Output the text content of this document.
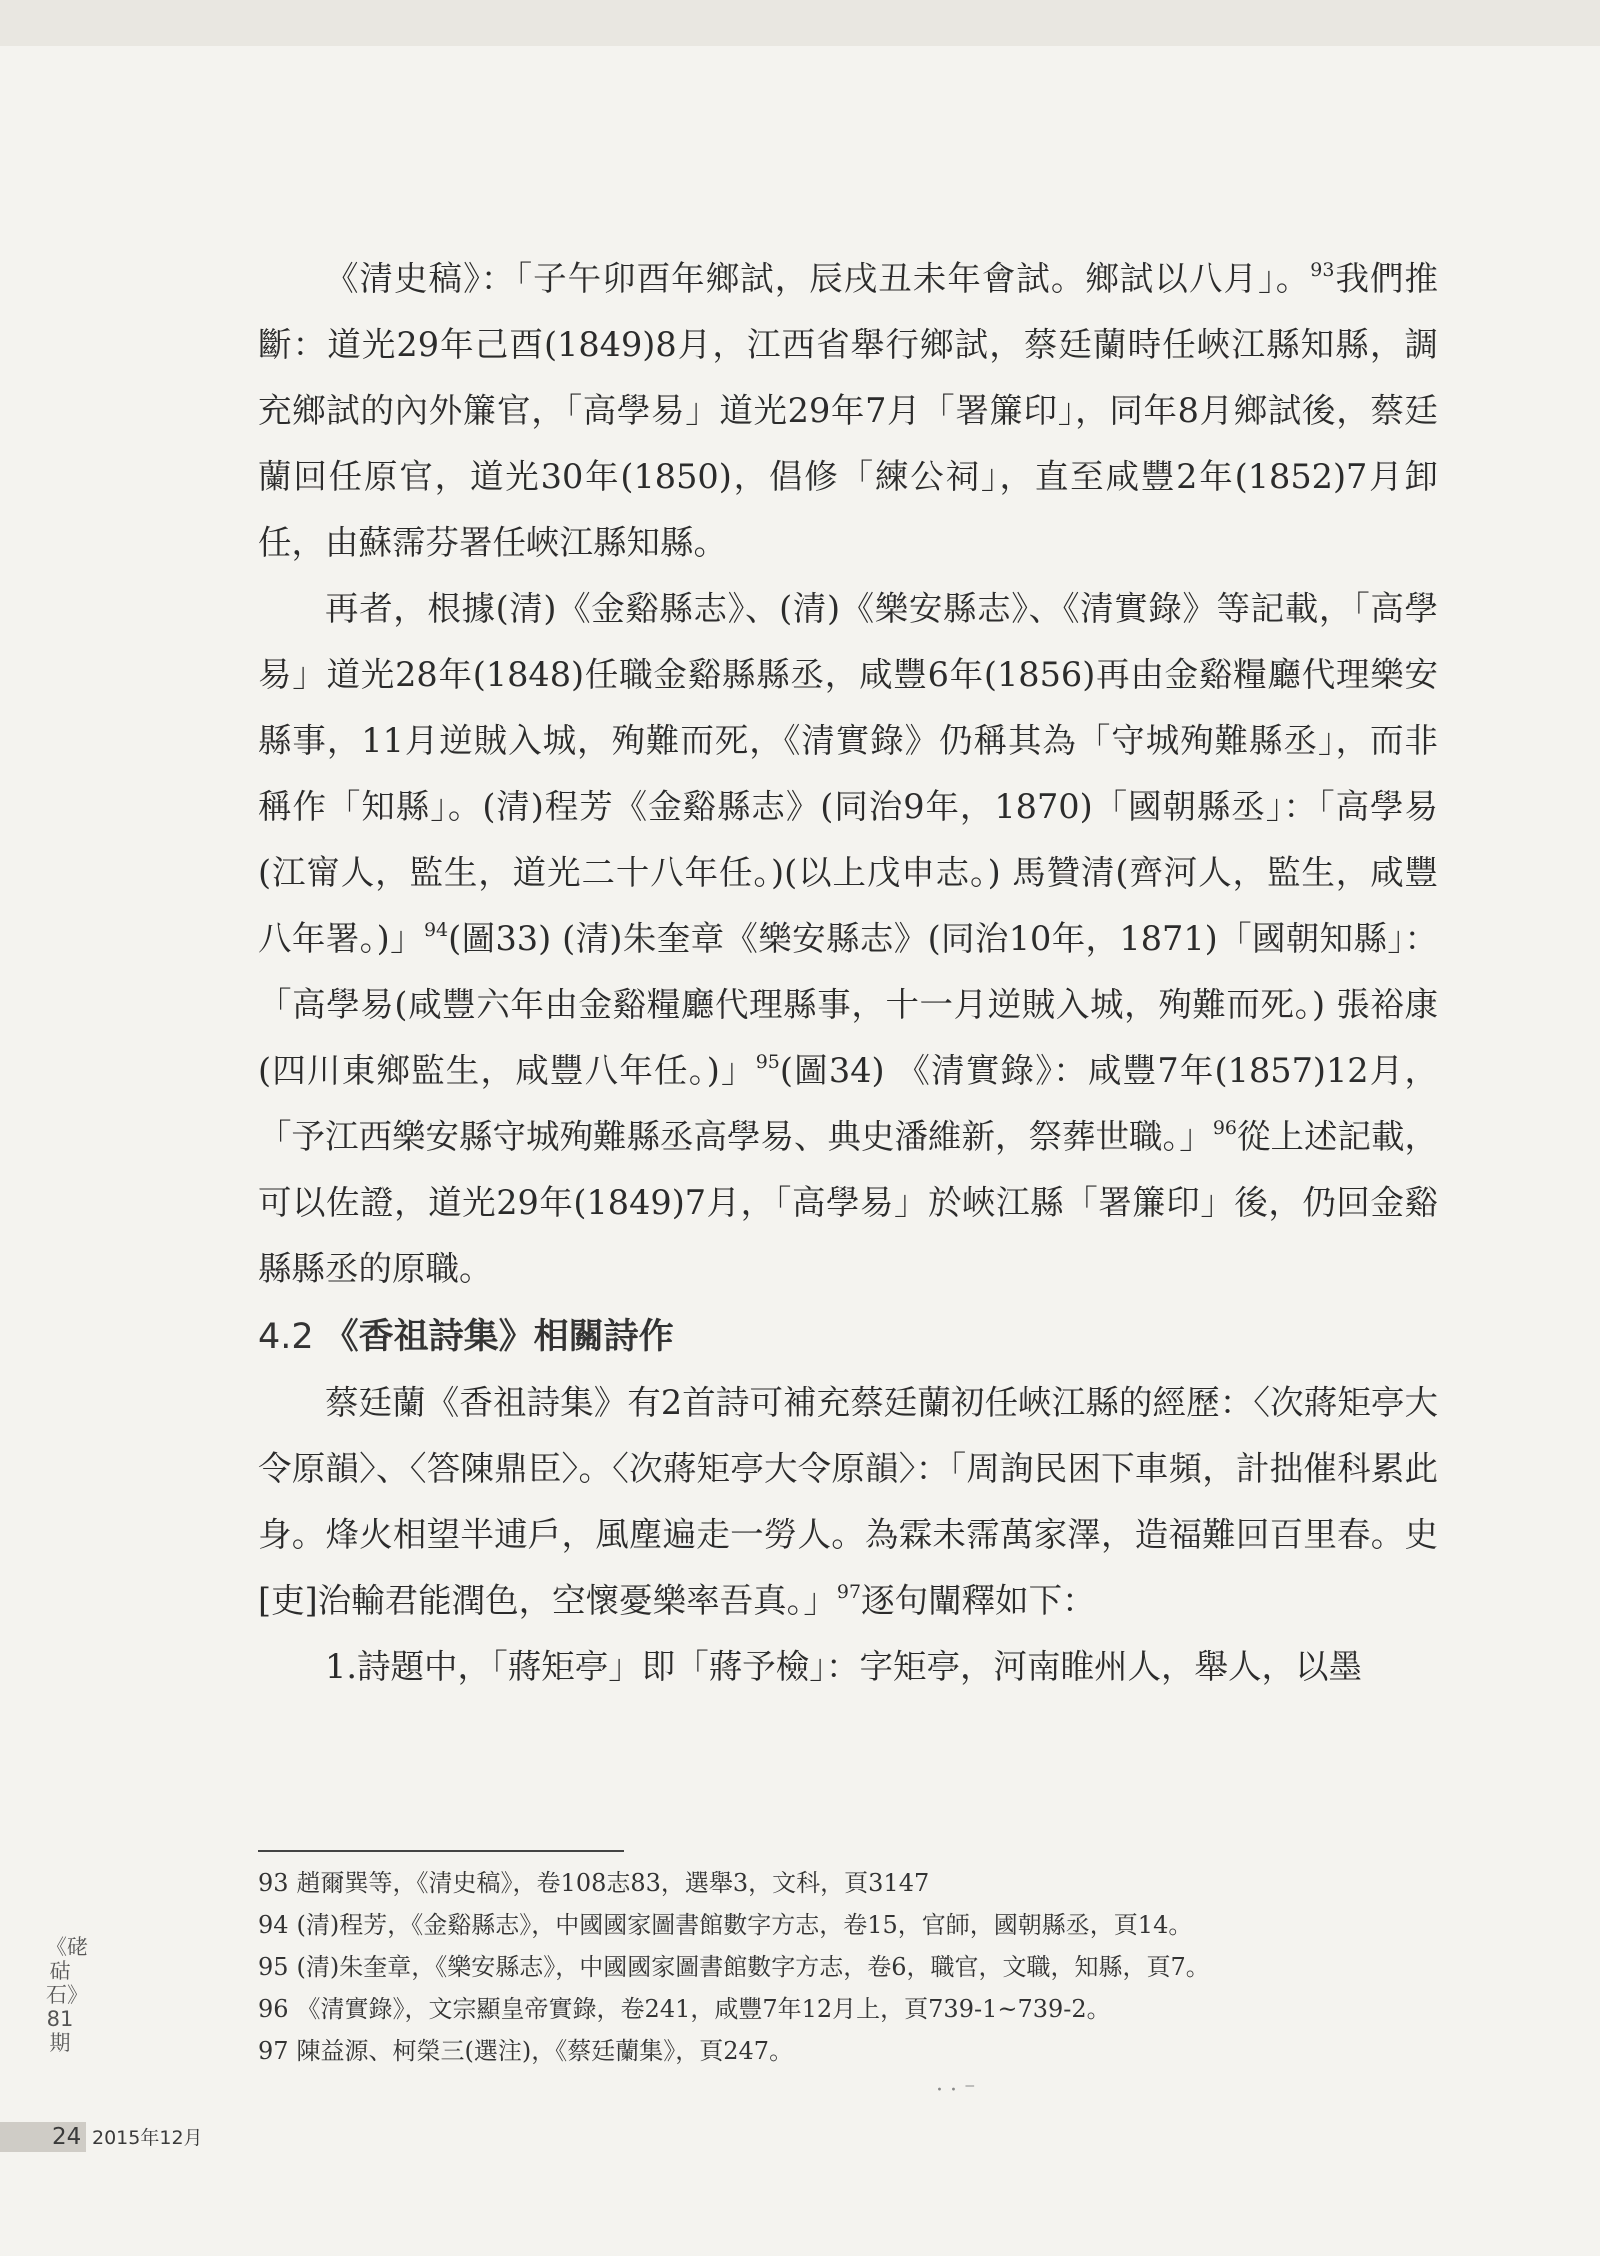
《清史稿》：「子午卯酉年鄉試，辰戌丑未年會試。鄉試以八月」。$^{93}$我們推斷：道光29年己酉(1849)8月，江西省舉行鄉試，蔡廷蘭時任峽江縣知縣，調充鄉試的內外簾官，「高學易」道光29年7月「署簾印」，同年8月鄉試後，蔡廷蘭回任原官，道光30年(1850)，倡修「練公祠」，直至咸豐2年(1852)7月卸任，由蘇霈芬署任峽江縣知縣。

再者，根據(清)《金谿縣志》、(清)《樂安縣志》、《清實錄》等記載，「高學易」道光28年(1848)任職金谿縣縣丞，咸豐6年(1856)再由金谿糧廳代理樂安縣事，11月逆賊入城，殉難而死，《清實錄》仍稱其為「守城殉難縣丞」，而非稱作「知縣」。(清)程芳《金谿縣志》(同治9年，1870)「國朝縣丞」：「高學易(江甯人，監生，道光二十八年任。)(以上戊申志。) 馬贊清(齊河人，監生，咸豐八年署。)」$^{94}$(圖33) (清)朱奎章《樂安縣志》(同治10年，1871)「國朝知縣」：「高學易(咸豐六年由金谿糧廳代理縣事，十一月逆賊入城，殉難而死。) 張裕康(四川東鄉監生，咸豐八年任。)」$^{95}$(圖34) 《清實錄》：咸豐7年(1857)12月，「予江西樂安縣守城殉難縣丞高學易、典史潘維新，祭葬世職。」$^{96}$從上述記載，可以佐證，道光29年(1849)7月，「高學易」於峽江縣「署簾印」後，仍回金谿縣縣丞的原職。

4.2 《香祖詩集》相關詩作

蔡廷蘭《香祖詩集》有2首詩可補充蔡廷蘭初任峽江縣的經歷：〈次蔣矩亭大令原韻〉、〈答陳鼎臣〉。〈次蔣矩亭大令原韻〉：「周詢民困下車頻，計拙催科累此身。烽火相望半逋戶，風塵遍走一勞人。為霖未霈萬家澤，造福難回百里春。史[吏]治輸君能潤色，空懷憂樂率吾真。」$^{97}$逐句闡釋如下：

1.詩題中，「蔣矩亭」即「蔣予檢」：字矩亭，河南睢州人，舉人，以墨

93 趙爾巽等，《清史稿》，卷108志83，選舉3，文科，頁3147
94 (清)程芳，《金谿縣志》，中國國家圖書館數字方志，卷15，官師，國朝縣丞，頁14。
95 (清)朱奎章，《樂安縣志》，中國國家圖書館數字方志，卷6，職官，文職，知縣，頁7。
96 《清實錄》，文宗顯皇帝實錄，卷241，咸豐7年12月上，頁739-1~739-2。
97 陳益源、柯榮三(選注)，《蔡廷蘭集》，頁247。
《硓𥑮石》81期
24 2015年12月
· · ⁻
